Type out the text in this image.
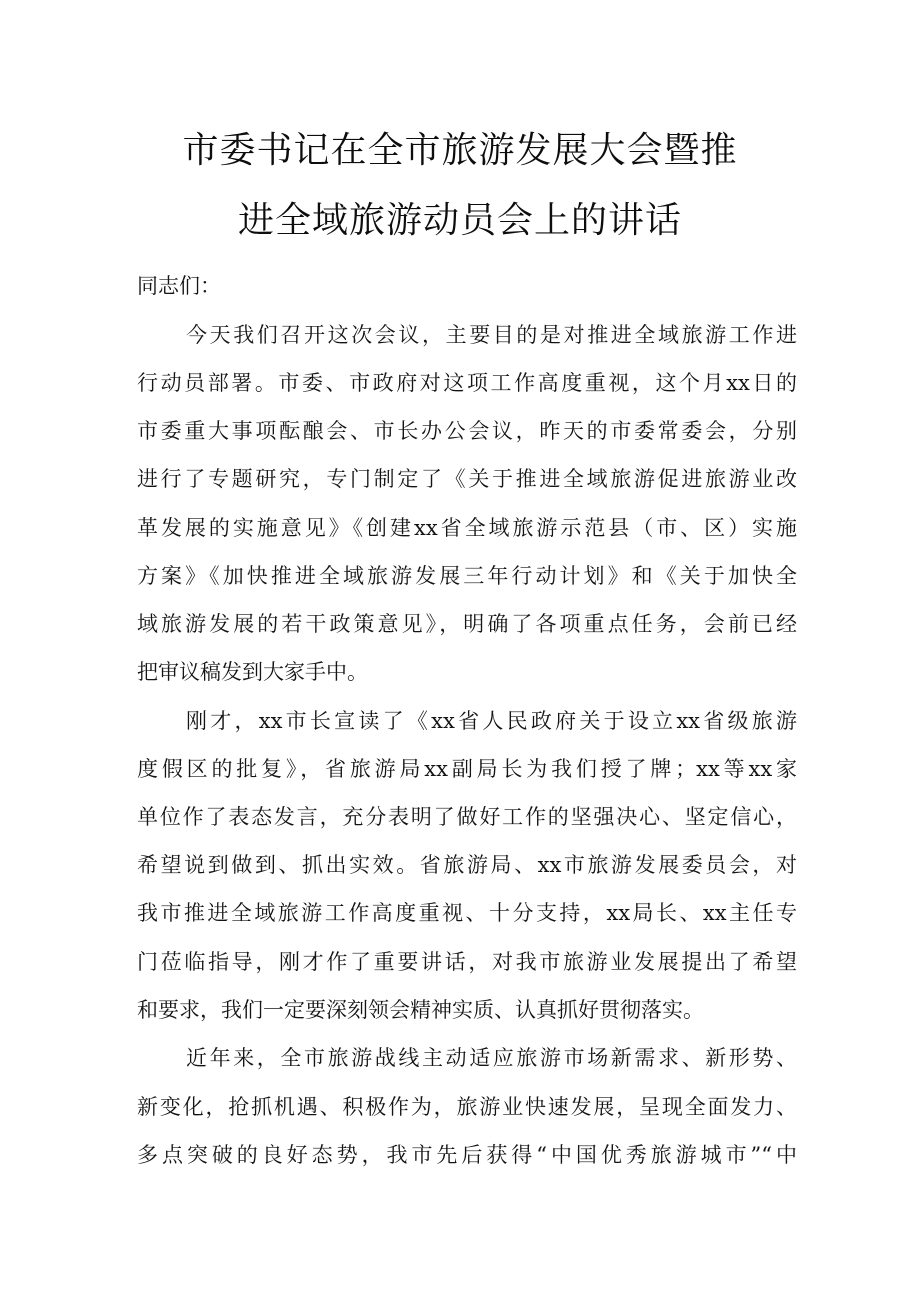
市委书记在全市旅游发展大会暨推
进全域旅游动员会上的讲话
同志们：
今天我们召开这次会议，主要目的是对推进全域旅游工作进
行动员部署。市委、市政府对这项工作高度重视，这个月xx日的
市委重大事项酝酿会、市长办公会议，昨天的市委常委会，分别
进行了专题研究，专门制定了《关于推进全域旅游促进旅游业改
革发展的实施意见》《创建xx省全域旅游示范县（市、区）实施
方案》《加快推进全域旅游发展三年行动计划》和《关于加快全
域旅游发展的若干政策意见》，明确了各项重点任务，会前已经
把审议稿发到大家手中。
刚才，xx市长宣读了《xx省人民政府关于设立xx省级旅游
度假区的批复》，省旅游局xx副局长为我们授了牌；xx等xx家
单位作了表态发言，充分表明了做好工作的坚强决心、坚定信心，
希望说到做到、抓出实效。省旅游局、xx市旅游发展委员会，对
我市推进全域旅游工作高度重视、十分支持，xx局长、xx主任专
门莅临指导，刚才作了重要讲话，对我市旅游业发展提出了希望
和要求，我们一定要深刻领会精神实质、认真抓好贯彻落实。
近年来，全市旅游战线主动适应旅游市场新需求、新形势、
新变化，抢抓机遇、积极作为，旅游业快速发展，呈现全面发力、
多点突破的良好态势，我市先后获得“中国优秀旅游城市”“中
